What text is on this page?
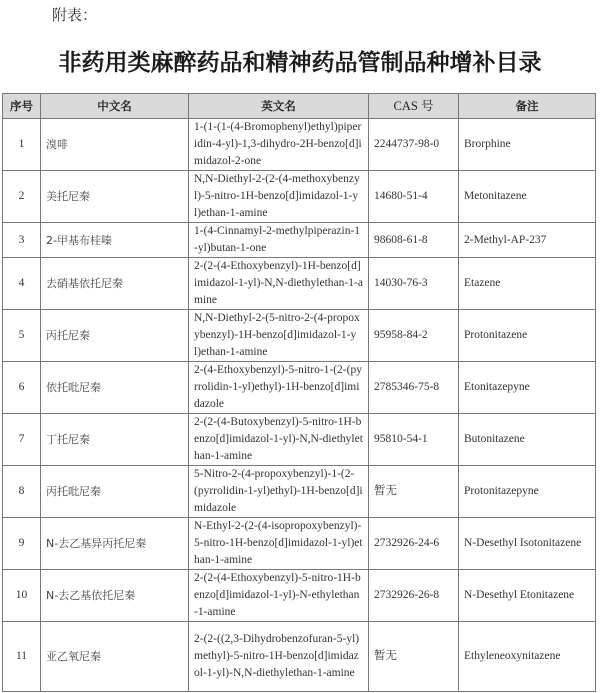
附表：
非药用类麻醉药品和精神药品管制品种增补目录
序号	中文名	英文名	CAS 号	备注
1	溴啡	1-(1-(1-(4-Bromophenyl)ethyl)piperidin-4-yl)-1,3-dihydro-2H-benzo[d]imidazol-2-one	2244737-98-0	Brorphine
2	美托尼秦	N,N-Diethyl-2-(2-(4-methoxybenzyl)-5-nitro-1H-benzo[d]imidazol-1-yl)ethan-1-amine	14680-51-4	Metonitazene
3	2-甲基布桂嗪	1-(4-Cinnamyl-2-methylpiperazin-1-yl)butan-1-one	98608-61-8	2-Methyl-AP-237
4	去硝基依托尼秦	2-(2-(4-Ethoxybenzyl)-1H-benzo[d]imidazol-1-yl)-N,N-diethylethan-1-amine	14030-76-3	Etazene
5	丙托尼秦	N,N-Diethyl-2-(5-nitro-2-(4-propoxybenzyl)-1H-benzo[d]imidazol-1-yl)ethan-1-amine	95958-84-2	Protonitazene
6	依托吡尼秦	2-(4-Ethoxybenzyl)-5-nitro-1-(2-(pyrrolidin-1-yl)ethyl)-1H-benzo[d]imidazole	2785346-75-8	Etonitazepyne
7	丁托尼秦	2-(2-(4-Butoxybenzyl)-5-nitro-1H-benzo[d]imidazol-1-yl)-N,N-diethylethan-1-amine	95810-54-1	Butonitazene
8	丙托吡尼秦	5-Nitro-2-(4-propoxybenzyl)-1-(2-(pyrrolidin-1-yl)ethyl)-1H-benzo[d]imidazole	暂无	Protonitazepyne
9	N-去乙基异丙托尼秦	N-Ethyl-2-(2-(4-isopropoxybenzyl)-5-nitro-1H-benzo[d]imidazol-1-yl)ethan-1-amine	2732926-24-6	N-Desethyl Isotonitazene
10	N-去乙基依托尼秦	2-(2-(4-Ethoxybenzyl)-5-nitro-1H-benzo[d]imidazol-1-yl)-N-ethylethan-1-amine	2732926-26-8	N-Desethyl Etonitazene
11	亚乙氧尼秦	2-(2-((2,3-Dihydrobenzofuran-5-yl)methyl)-5-nitro-1H-benzo[d]imidazol-1-yl)-N,N-diethylethan-1-amine	暂无	Ethyleneoxynitazene
